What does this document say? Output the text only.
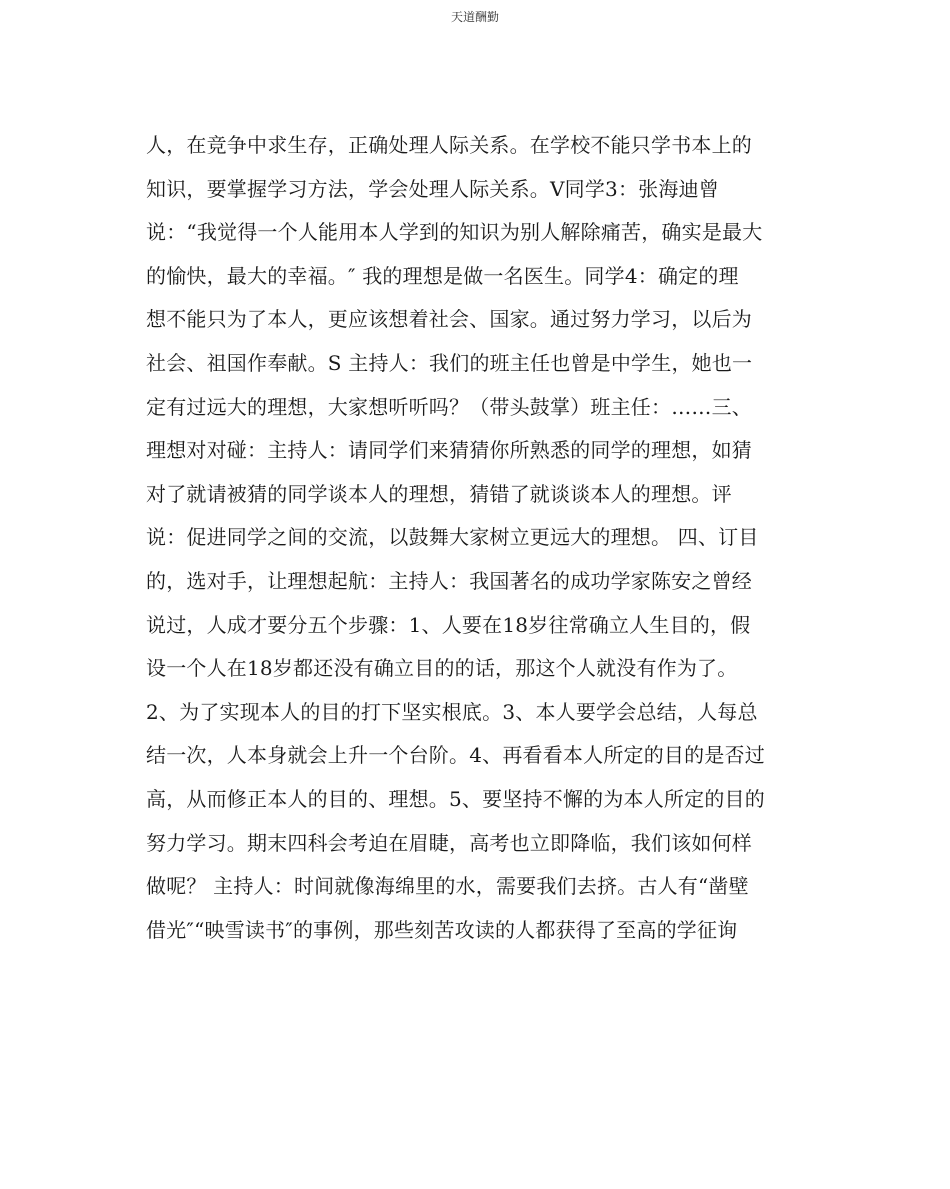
天道酬勤
人，在竞争中求生存，正确处理人际关系。在学校不能只学书本上的
知识，要掌握学习方法，学会处理人际关系。V同学3：张海迪曾
说：“我觉得一个人能用本人学到的知识为别人解除痛苦，确实是最大
的愉快，最大的幸福。″ 我的理想是做一名医生。同学4：确定的理
想不能只为了本人，更应该想着社会、国家。通过努力学习，以后为
社会、祖国作奉献。S 主持人：我们的班主任也曾是中学生，她也一
定有过远大的理想，大家想听听吗？（带头鼓掌）班主任：……三、
理想对对碰：主持人：请同学们来猜猜你所熟悉的同学的理想，如猜
对了就请被猜的同学谈本人的理想，猜错了就谈谈本人的理想。评
说：促进同学之间的交流，以鼓舞大家树立更远大的理想。 四、订目
的，选对手，让理想起航：主持人：我国著名的成功学家陈安之曾经
说过，人成才要分五个步骤：1、人要在18岁往常确立人生目的，假
设一个人在18岁都还没有确立目的的话，那这个人就没有作为了。
2、为了实现本人的目的打下坚实根底。3、本人要学会总结，人每总
结一次，人本身就会上升一个台阶。4、再看看本人所定的目的是否过
高，从而修正本人的目的、理想。5、要坚持不懈的为本人所定的目的
努力学习。期末四科会考迫在眉睫，高考也立即降临，我们该如何样
做呢？ 主持人：时间就像海绵里的水，需要我们去挤。古人有“凿壁
借光″“映雪读书″的事例，那些刻苦攻读的人都获得了至高的学征询
